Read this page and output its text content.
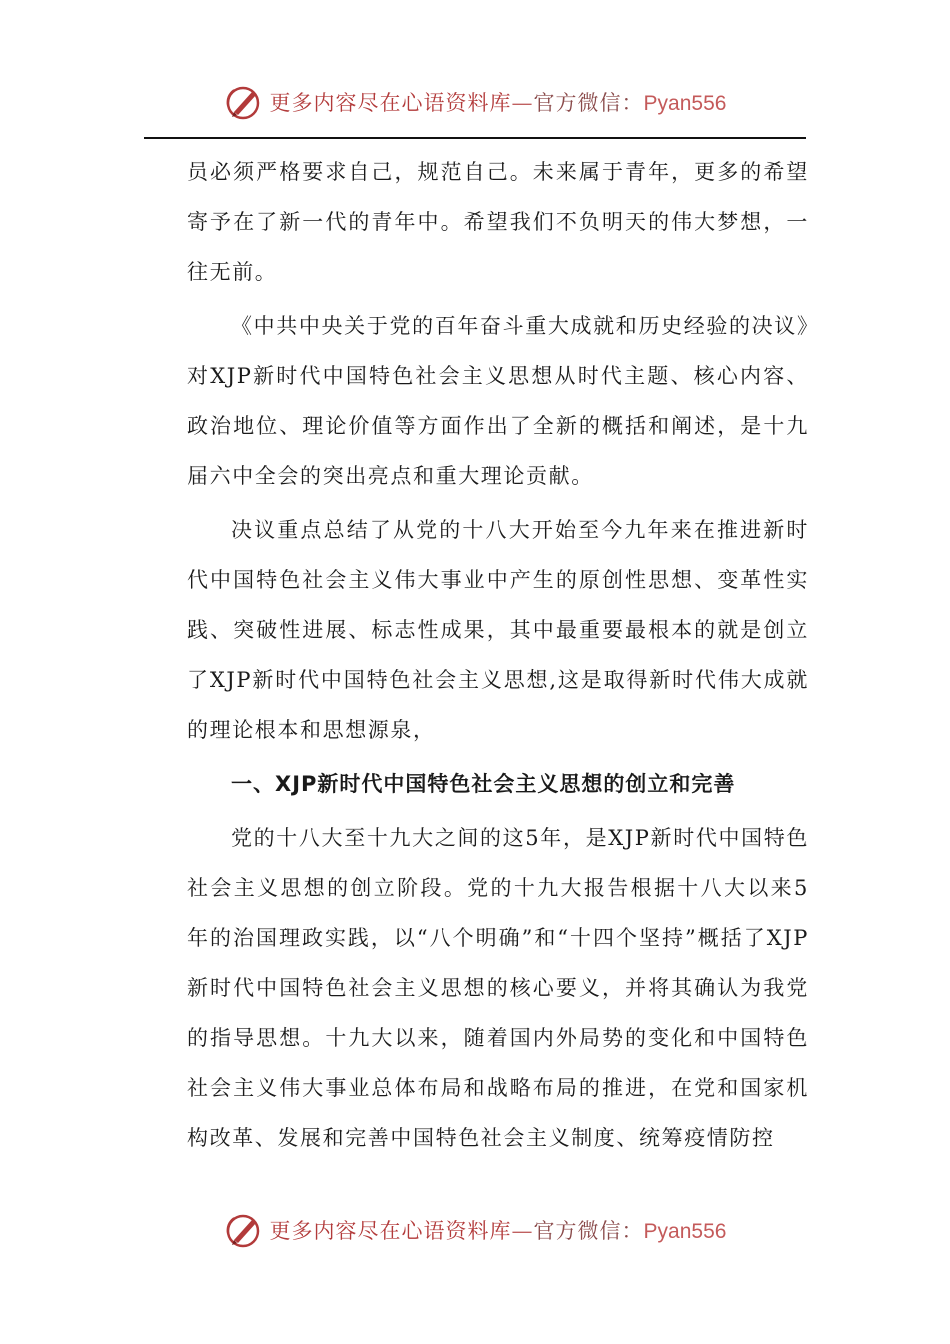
更多内容尽在心语资料库—官方微信：Pyan556

员必须严格要求自己，规范自己。未来属于青年，更多的希望寄予在了新一代的青年中。希望我们不负明天的伟大梦想，一往无前。

《中共中央关于党的百年奋斗重大成就和历史经验的决议》对XJP新时代中国特色社会主义思想从时代主题、核心内容、政治地位、理论价值等方面作出了全新的概括和阐述，是十九届六中全会的突出亮点和重大理论贡献。

决议重点总结了从党的十八大开始至今九年来在推进新时代中国特色社会主义伟大事业中产生的原创性思想、变革性实践、突破性进展、标志性成果，其中最重要最根本的就是创立了XJP新时代中国特色社会主义思想,这是取得新时代伟大成就的理论根本和思想源泉，

一、XJP新时代中国特色社会主义思想的创立和完善

党的十八大至十九大之间的这5年，是XJP新时代中国特色社会主义思想的创立阶段。党的十九大报告根据十八大以来5年的治国理政实践，以“八个明确”和“十四个坚持”概括了XJP新时代中国特色社会主义思想的核心要义，并将其确认为我党的指导思想。十九大以来，随着国内外局势的变化和中国特色社会主义伟大事业总体布局和战略布局的推进，在党和国家机构改革、发展和完善中国特色社会主义制度、统筹疫情防控

更多内容尽在心语资料库—官方微信：Pyan556
